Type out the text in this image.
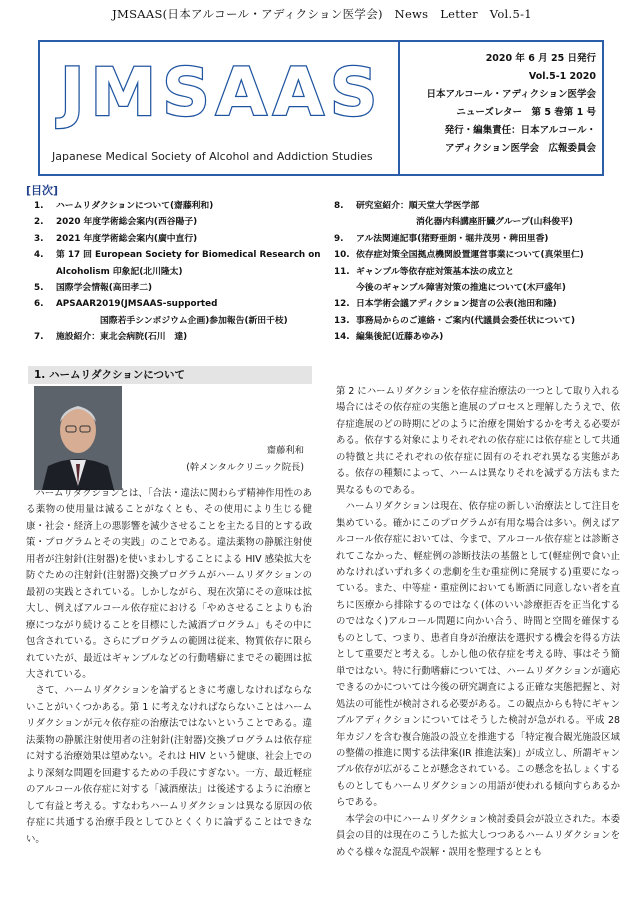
JMSAAS(日本アルコール・アディクション医学会)　News　Letter　Vol.5-1
JMSAAS
Japanese Medical Society of Alcohol and Addiction Studies
2020 年 6 月 25 日発行
Vol.5-1 2020
日本アルコール・アディクション医学会
ニューズレター　第 5 巻第 1 号
発行・編集責任：日本アルコール・
アディクション医学会　広報委員会
[目次]
1. ハームリダクションについて(齋藤利和)
2. 2020 年度学術総会案内(西谷陽子)
3. 2021 年度学術総会案内(廣中直行)
4. 第 17 回 European Society for Biomedical Research on
Alcoholism 印象記(北川隆太)
5. 国際学会情報(高田孝二)
6. APSAAR2019(JMSAAS-supported
国際若手シンポジウム企画)参加報告(新田千枝)
7. 施設紹介：東北会病院(石川　達)
8. 研究室紹介：順天堂大学医学部
消化器内科講座肝臓グループ(山科俊平)
9. アル法関連記事(猪野亜朗・堀井茂男・稗田里香)
10. 依存症対策全国拠点機関設置運営事業について(真栄里仁)
11. ギャンブル等依存症対策基本法の成立と
今後のギャンブル障害対策の推進について(木戸盛年)
12. 日本学術会議アディクション提言の公表(池田和隆)
13. 事務局からのご連絡・ご案内(代議員会委任状について)
14. 編集後記(近藤あゆみ)
1. ハームリダクションについて
齋藤利和
(幹メンタルクリニック院長)

　ハームリダクションとは、「合法・違法に関わらず精神作用性のある薬物の使用量は減ることがなくとも、その使用により生じる健康・社会・経済上の悪影響を減少させることを主たる目的とする政策・プログラムとその実践」のことである。違法薬物の静脈注射使用者が注射針(注射器)を使いまわしすることによる HIV 感染拡大を防ぐための注射針(注射器)交換プログラムがハームリダクションの最初の実践とされている。しかしながら、現在次第にその意味は拡大し、例えばアルコール依存症における「やめさせることよりも治療につながり続けることを目標にした減酒プログラム」もその中に包含されている。さらにプログラムの範囲は従来、物質依存に限られていたが、最近はギャンブルなどの行動嗜癖にまでその範囲は拡大されている。

　さて、ハームリダクションを論ずるときに考慮しなければならないことがいくつかある。第 1 に考えなければならないことはハームリダクションが元々依存症の治療法ではないということである。違法薬物の静脈注射使用者の注射針(注射器)交換プログラムは依存症に対する治療効果は望めない。それは HIV という健康、社会上でのより深刻な問題を回避するための手段にすぎない。一方、最近軽症のアルコール依存症に対する「減酒療法」は後述するように治療として有益と考える。すなわちハームリダクションは異なる原因の依存症に共通する治療手段としてひとくくりに論ずることはできない。

第 2 にハームリダクションを依存症治療法の一つとして取り入れる場合にはその依存症の実態と進展のプロセスと理解したうえで、依存症進展のどの時期にどのように治療を開始するかを考える必要がある。依存する対象によりそれぞれの依存症には依存症として共通の特徴と共にそれぞれの依存症に固有のそれぞれ異なる実態がある。依存の種類によって、ハームは異なりそれを減ずる方法もまた異なるものである。

　ハームリダクションは現在、依存症の新しい治療法として注目を集めている。確かにこのプログラムが有用な場合は多い。例えばアルコール依存症においては、今まで、アルコール依存症とは診断されてこなかった、軽症例の診断技法の基盤として(軽症例で食い止めなければいずれ多くの悲劇を生む重症例に発展する)重要になっている。また、中等症・重症例においても断酒に同意しない者を直ちに医療から排除するのではなく(体のいい診療拒否を正当化するのではなく)アルコール問題に向かい合う、時間と空間を確保するものとして、つまり、患者自身が治療法を選択する機会を得る方法として重要だと考える。しかし他の依存症を考える時、事はそう簡単ではない。特に行動嗜癖については、ハームリダクションが適応できるのかについては今後の研究調査による正確な実態把握と、対処法の可能性が検討される必要がある。この観点からも特にギャンブルアディクションについてはそうした検討が急がれる。平成 28 年カジノを含む複合施設の設立を推進する「特定複合観光施設区域の整備の推進に関する法律案(IR 推進法案)」が成立し、所謂ギャンブル依存が広がることが懸念されている。この懸念を払しょくするものとしてもハームリダクションの用語が使われる傾向すらあるからである。

　本学会の中にハームリダクション検討委員会が設立された。本委員会の目的は現在のこうした拡大しつつあるハームリダクションをめぐる様々な混乱や誤解・誤用を整理するととも
